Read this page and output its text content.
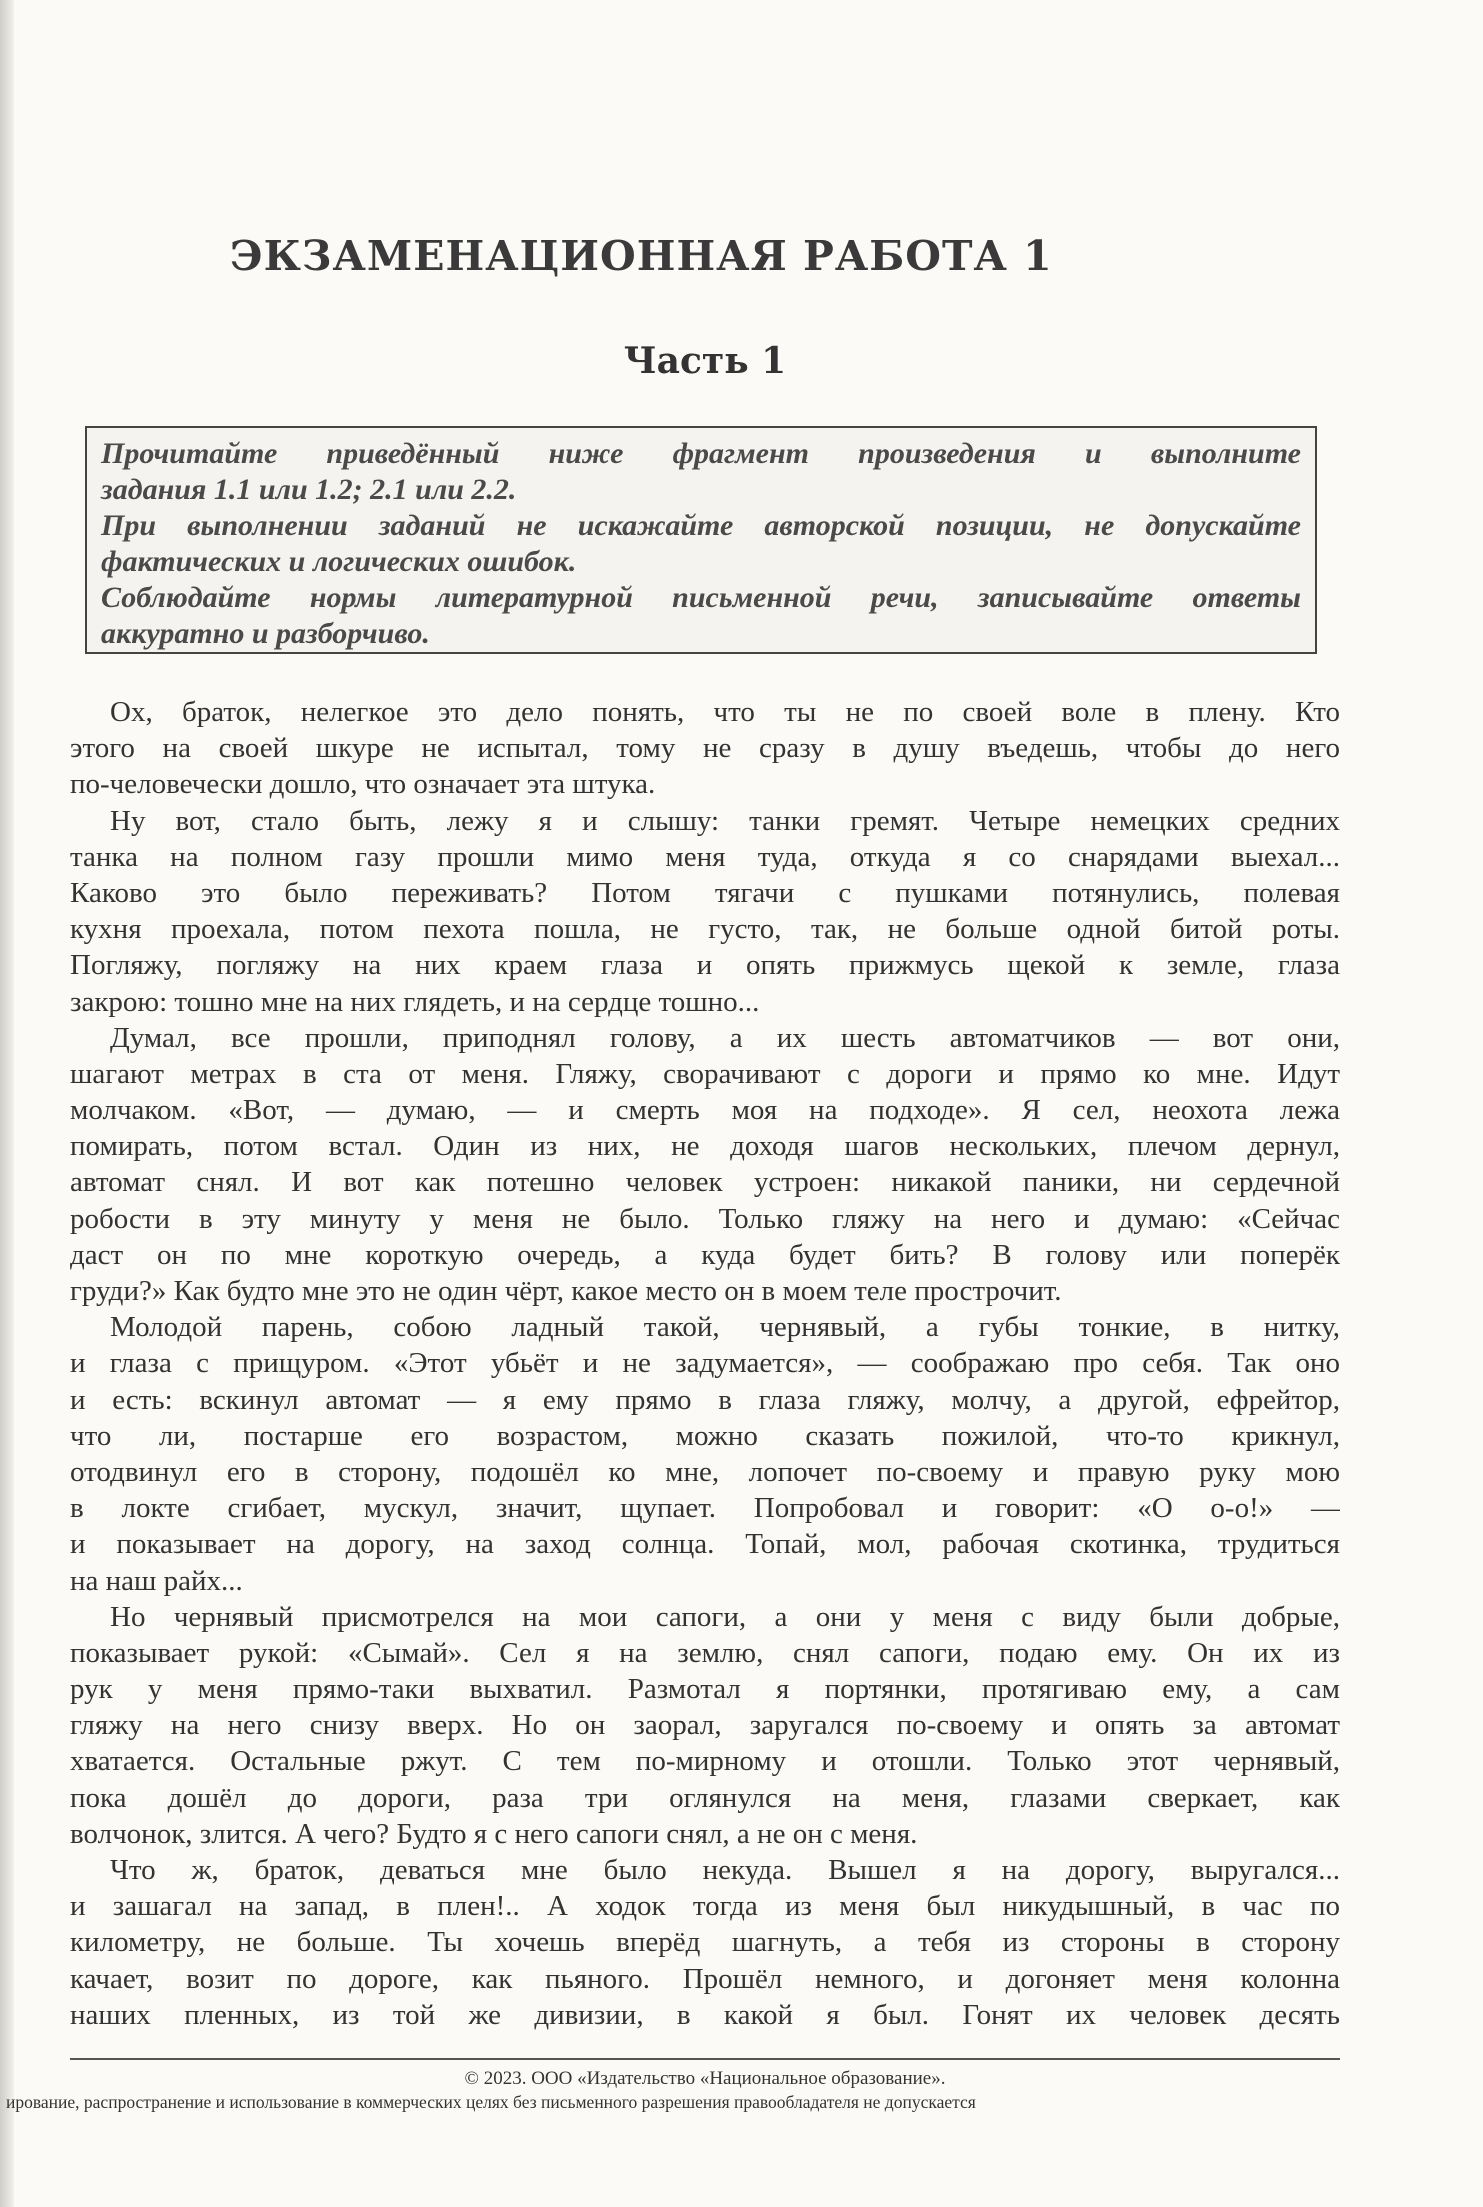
ЭКЗАМЕНАЦИОННАЯ РАБОТА 1
Часть 1
Прочитайте приведённый ниже фрагмент произведения и выполните
задания 1.1 или 1.2; 2.1 или 2.2.
При выполнении заданий не искажайте авторской позиции, не допускайте
фактических и логических ошибок.
Соблюдайте нормы литературной письменной речи, записывайте ответы
аккуратно и разборчиво.
Ох, браток, нелегкое это дело понять, что ты не по своей воле в плену. Кто
этого на своей шкуре не испытал, тому не сразу в душу въедешь, чтобы до него
по-человечески дошло, что означает эта штука.
Ну вот, стало быть, лежу я и слышу: танки гремят. Четыре немецких средних
танка на полном газу прошли мимо меня туда, откуда я со снарядами выехал...
Каково это было переживать? Потом тягачи с пушками потянулись, полевая
кухня проехала, потом пехота пошла, не густо, так, не больше одной битой роты.
Погляжу, погляжу на них краем глаза и опять прижмусь щекой к земле, глаза
закрою: тошно мне на них глядеть, и на сердце тошно...
Думал, все прошли, приподнял голову, а их шесть автоматчиков — вот они,
шагают метрах в ста от меня. Гляжу, сворачивают с дороги и прямо ко мне. Идут
молчаком. «Вот, — думаю, — и смерть моя на подходе». Я сел, неохота лежа
помирать, потом встал. Один из них, не доходя шагов нескольких, плечом дернул,
автомат снял. И вот как потешно человек устроен: никакой паники, ни сердечной
робости в эту минуту у меня не было. Только гляжу на него и думаю: «Сейчас
даст он по мне короткую очередь, а куда будет бить? В голову или поперёк
груди?» Как будто мне это не один чёрт, какое место он в моем теле прострочит.
Молодой парень, собою ладный такой, чернявый, а губы тонкие, в нитку,
и глаза с прищуром. «Этот убьёт и не задумается», — соображаю про себя. Так оно
и есть: вскинул автомат — я ему прямо в глаза гляжу, молчу, а другой, ефрейтор,
что ли, постарше его возрастом, можно сказать пожилой, что-то крикнул,
отодвинул его в сторону, подошёл ко мне, лопочет по-своему и правую руку мою
в локте сгибает, мускул, значит, щупает. Попробовал и говорит: «О о-о!» —
и показывает на дорогу, на заход солнца. Топай, мол, рабочая скотинка, трудиться
на наш райх...
Но чернявый присмотрелся на мои сапоги, а они у меня с виду были добрые,
показывает рукой: «Сымай». Сел я на землю, снял сапоги, подаю ему. Он их из
рук у меня прямо-таки выхватил. Размотал я портянки, протягиваю ему, а сам
гляжу на него снизу вверх. Но он заорал, заругался по-своему и опять за автомат
хватается. Остальные ржут. С тем по-мирному и отошли. Только этот чернявый,
пока дошёл до дороги, раза три оглянулся на меня, глазами сверкает, как
волчонок, злится. А чего? Будто я с него сапоги снял, а не он с меня.
Что ж, браток, деваться мне было некуда. Вышел я на дорогу, выругался...
и зашагал на запад, в плен!.. А ходок тогда из меня был никудышный, в час по
километру, не больше. Ты хочешь вперёд шагнуть, а тебя из стороны в сторону
качает, возит по дороге, как пьяного. Прошёл немного, и догоняет меня колонна
наших пленных, из той же дивизии, в какой я был. Гонят их человек десять

© 2023. ООО «Издательство «Национальное образование».

ирование, распространение и использование в коммерческих целях без письменного разрешения правообладателя не допускается
